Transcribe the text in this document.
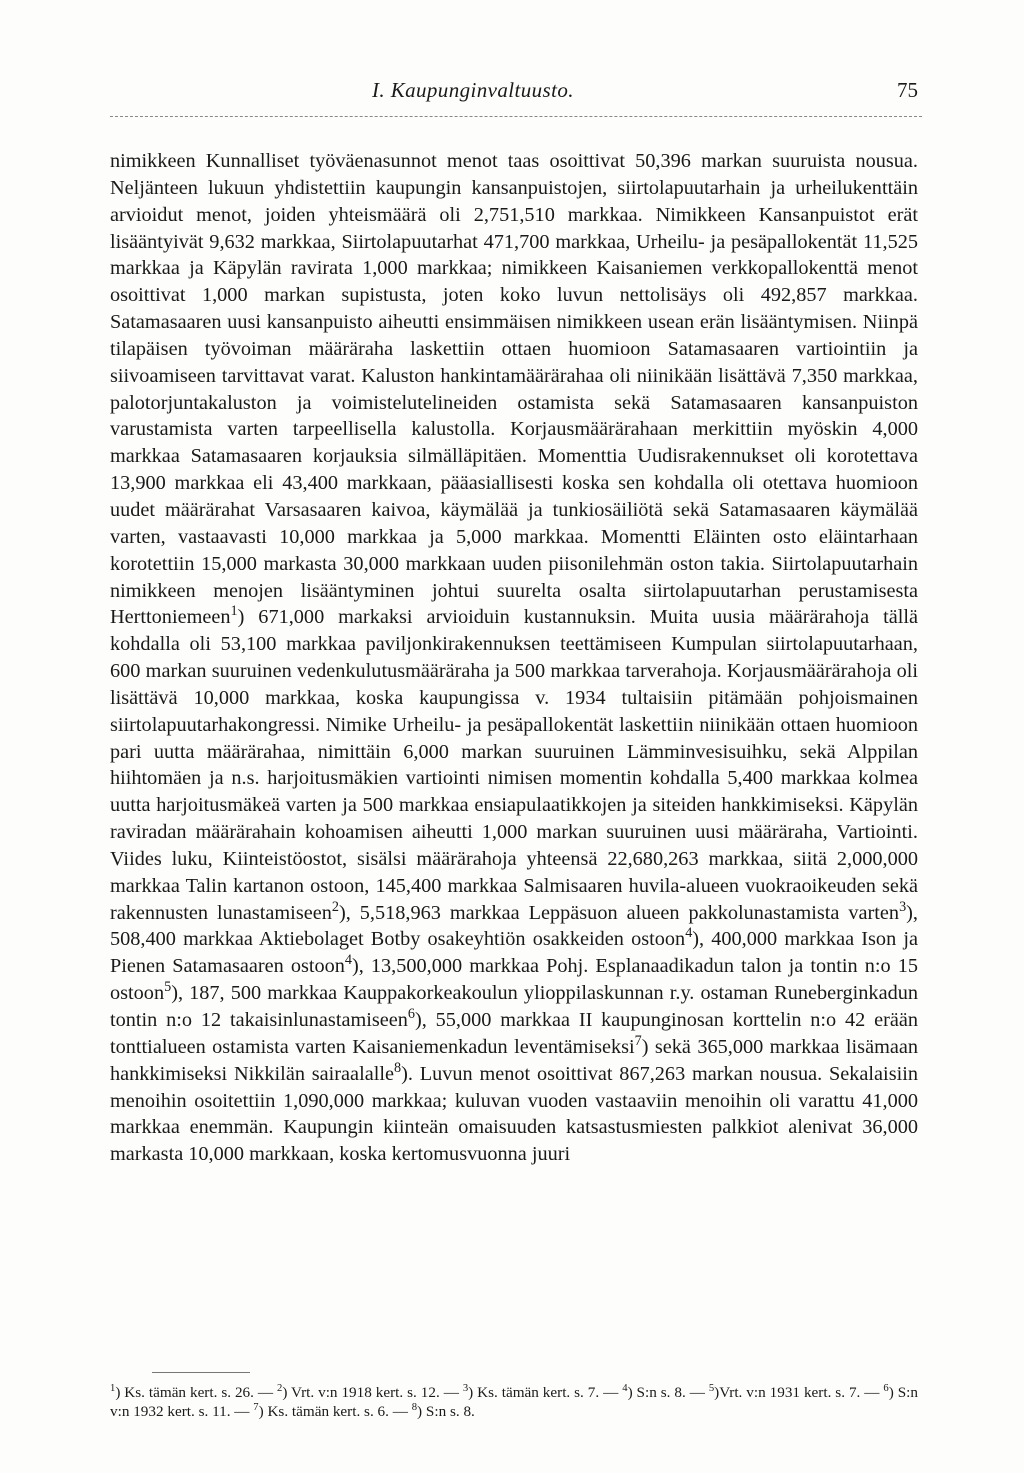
I. Kaupunginvaltuusto.	75

nimikkeen Kunnalliset työväenasunnot menot taas osoittivat 50,396 markan suuruista nousua. Neljänteen lukuun yhdistettiin kaupungin kansanpuistojen, siirtolapuutarhain ja urheilukenttäin arvioidut menot, joiden yhteismäärä oli 2,751,510 markkaa. Nimikkeen Kansanpuistot erät lisääntyivät 9,632 markkaa, Siirtolapuutarhat 471,700 markkaa, Urheilu- ja pesäpallokentät 11,525 markkaa ja Käpylän ravirata 1,000 markkaa; nimikkeen Kaisaniemen verkkopallokenttä menot osoittivat 1,000 markan supistusta, joten koko luvun nettolisäys oli 492,857 markkaa. Satamasaaren uusi kansanpuisto aiheutti ensimmäisen nimikkeen usean erän lisääntymisen. Niinpä tilapäisen työvoiman määräraha laskettiin ottaen huomioon Satamasaaren vartiointiin ja siivoamiseen tarvittavat varat. Kaluston hankintamäärärahaa oli niinikään lisättävä 7,350 markkaa, palotorjuntakaluston ja voimistelutelineiden ostamista sekä Satamasaaren kansanpuiston varustamista varten tarpeellisella kalustolla. Korjausmäärärahaan merkittiin myöskin 4,000 markkaa Satamasaaren korjauksia silmälläpitäen. Momenttia Uudisrakennukset oli korotettava 13,900 markkaa eli 43,400 markkaan, pääasiallisesti koska sen kohdalla oli otettava huomioon uudet määrärahat Varsasaaren kaivoa, käymälää ja tunkiosäiliötä sekä Satamasaaren käymälää varten, vastaavasti 10,000 markkaa ja 5,000 markkaa. Momentti Eläinten osto eläintarhaan korotettiin 15,000 markasta 30,000 markkaan uuden piisonilehmän oston takia. Siirtolapuutarhain nimikkeen menojen lisääntyminen johtui suurelta osalta siirtolapuutarhan perustamisesta Herttoniemeen$^1$) 671,000 markaksi arvioiduin kustannuksin. Muita uusia määrärahoja tällä kohdalla oli 53,100 markkaa paviljonkirakennuksen teettämiseen Kumpulan siirtolapuutarhaan, 600 markan suuruinen vedenkulutusmääräraha ja 500 markkaa tarverahoja. Korjausmäärärahoja oli lisättävä 10,000 markkaa, koska kaupungissa v. 1934 tultaisiin pitämään pohjoismainen siirtolapuutarhakongressi. Nimike Urheilu- ja pesäpallokentät laskettiin niinikään ottaen huomioon pari uutta määrärahaa, nimittäin 6,000 markan suuruinen Lämminvesisuihku, sekä Alppilan hiihtomäen ja n.s. harjoitusmäkien vartiointi nimisen momentin kohdalla 5,400 markkaa kolmea uutta harjoitusmäkeä varten ja 500 markkaa ensiapulaatikkojen ja siteiden hankkimiseksi. Käpylän raviradan määrärahain kohoamisen aiheutti 1,000 markan suuruinen uusi määräraha, Vartiointi. Viides luku, Kiinteistöostot, sisälsi määrärahoja yhteensä 22,680,263 markkaa, siitä 2,000,000 markkaa Talin kartanon ostoon, 145,400 markkaa Salmisaaren huvila-alueen vuokraoikeuden sekä rakennusten lunastamiseen$^2$), 5,518,963 markkaa Leppäsuon alueen pakkolunastamista varten$^3$), 508,400 markkaa Aktiebolaget Botby osakeyhtiön osakkeiden ostoon$^4$), 400,000 markkaa Ison ja Pienen Satamasaaren ostoon$^4$), 13,500,000 markkaa Pohj. Esplanaadikadun talon ja tontin n:o 15 ostoon$^5$), 187, 500 markkaa Kauppakorkeakoulun ylioppilaskunnan r.y. ostaman Runeberginkadun tontin n:o 12 takaisinlunastamiseen$^6$), 55,000 markkaa II kaupunginosan korttelin n:o 42 erään tonttialueen ostamista varten Kaisaniemenkadun leventämiseksi$^7$) sekä 365,000 markkaa lisämaan hankkimiseksi Nikkilän sairaalalle$^8$). Luvun menot osoittivat 867,263 markan nousua. Sekalaisiin menoihin osoitettiin 1,090,000 markkaa; kuluvan vuoden vastaaviin menoihin oli varattu 41,000 markkaa enemmän. Kaupungin kiinteän omaisuuden katsastusmiesten palkkiot alenivat 36,000 markasta 10,000 markkaan, koska kertomusvuonna juuri

$^1$) Ks. tämän kert. s. 26. — $^2$) Vrt. v:n 1918 kert. s. 12. — $^3$) Ks. tämän kert. s. 7. — $^4$) S:n s. 8. — $^5$)Vrt. v:n 1931 kert. s. 7. — $^6$) S:n v:n 1932 kert. s. 11. — $^7$) Ks. tämän kert. s. 6. — $^8$) S:n s. 8.
